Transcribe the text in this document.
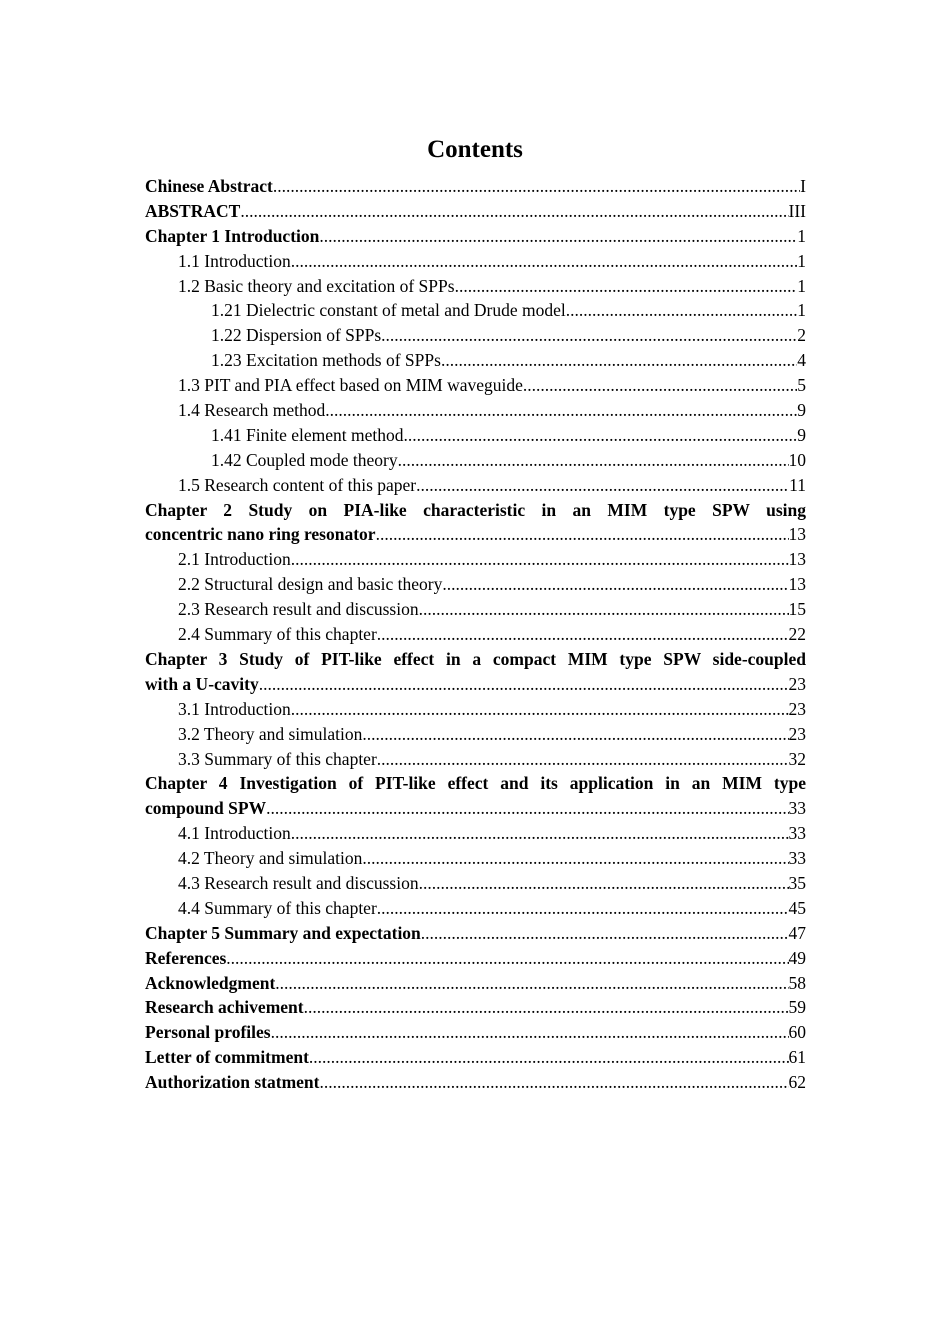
Contents
Chinese Abstract .....	I
ABSTRACT .....	III
Chapter 1 Introduction .....	1
1.1 Introduction .....	1
1.2 Basic theory and excitation of SPPs .....	1
1.21 Dielectric constant of metal and Drude model .....	1
1.22 Dispersion of SPPs .....	2
1.23 Excitation methods of SPPs .....	4
1.3 PIT and PIA effect based on MIM waveguide .....	5
1.4 Research method .....	9
1.41 Finite element method .....	9
1.42 Coupled mode theory .....	10
1.5 Research content of this paper .....	11
Chapter 2 Study on PIA-like characteristic in an MIM type SPW using
concentric nano ring resonator .....	13
2.1 Introduction .....	13
2.2 Structural design and basic theory .....	13
2.3 Research result and discussion .....	15
2.4 Summary of this chapter .....	22
Chapter 3 Study of PIT-like effect in a compact MIM type SPW side-coupled
with a U-cavity .....	23
3.1 Introduction .....	23
3.2 Theory and simulation .....	23
3.3 Summary of this chapter .....	32
Chapter 4 Investigation of PIT-like effect and its application in an MIM type
compound SPW .....	33
4.1 Introduction .....	33
4.2 Theory and simulation .....	33
4.3 Research result and discussion .....	35
4.4 Summary of this chapter .....	45
Chapter 5 Summary and expectation .....	47
References .....	49
Acknowledgment .....	58
Research achivement .....	59
Personal profiles .....	60
Letter of commitment .....	61
Authorization statment .....	62
